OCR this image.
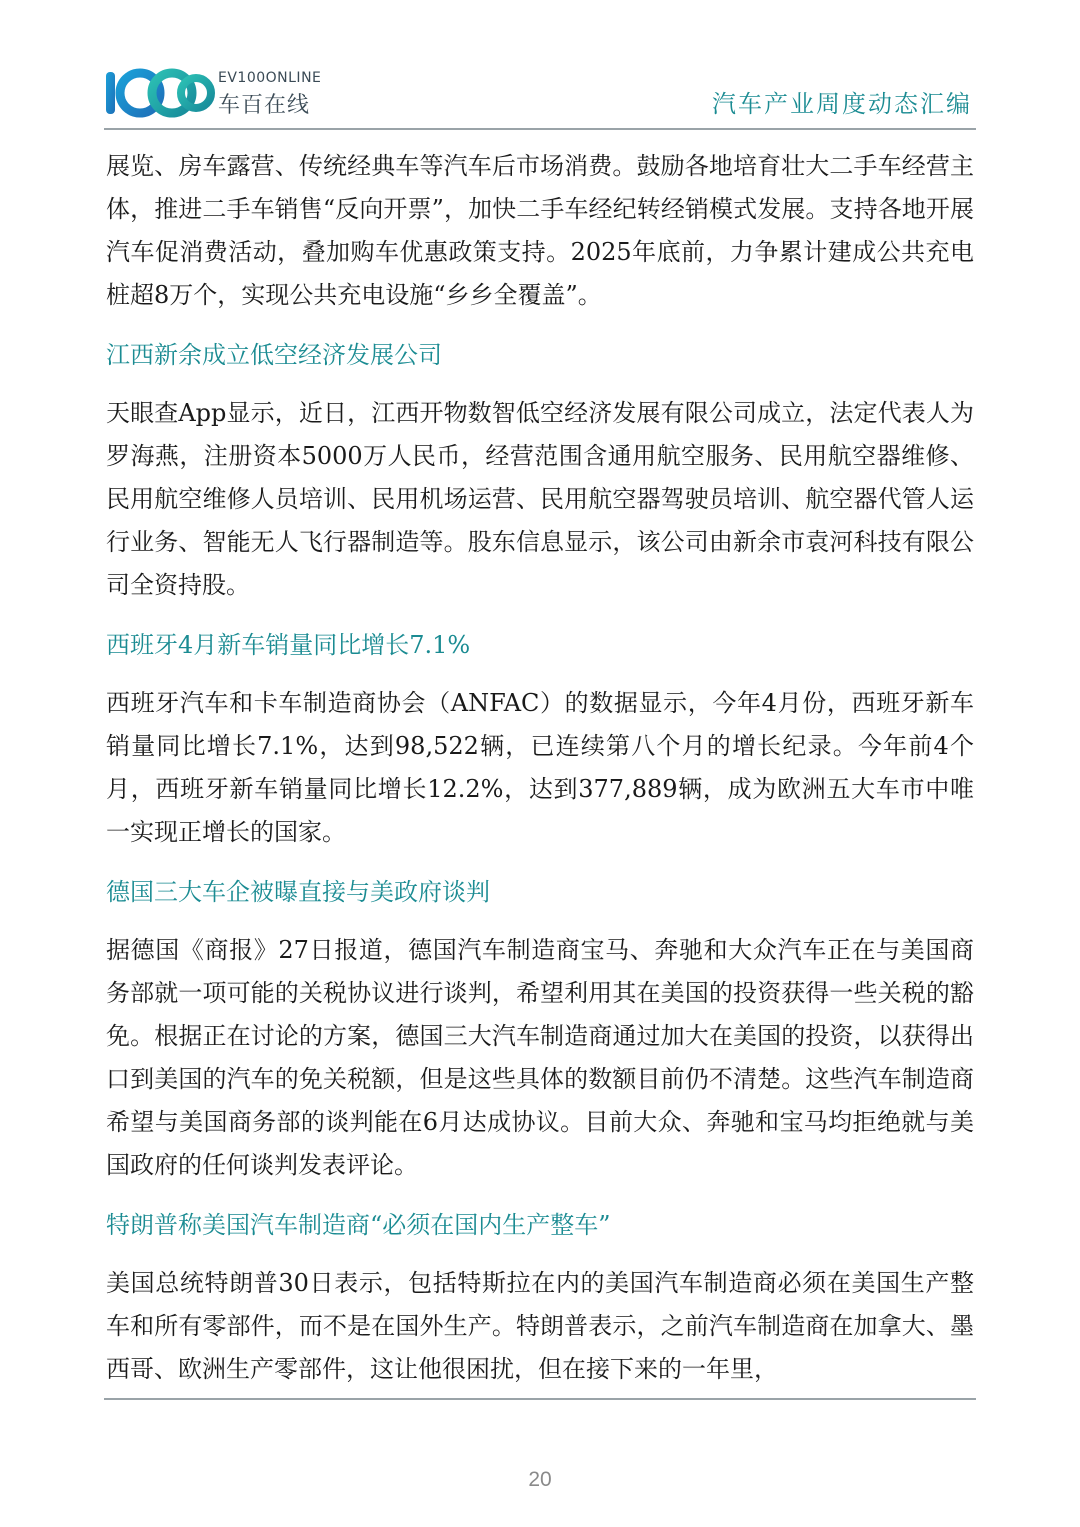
EV100ONLINE
车百在线	汽车产业周度动态汇编

展览、房车露营、传统经典车等汽车后市场消费。鼓励各地培育壮大二手车经营主体，推进二手车销售“反向开票”，加快二手车经纪转经销模式发展。支持各地开展汽车促消费活动，叠加购车优惠政策支持。2025年底前，力争累计建成公共充电桩超8万个，实现公共充电设施“乡乡全覆盖”。

江西新余成立低空经济发展公司

天眼查App显示，近日，江西开物数智低空经济发展有限公司成立，法定代表人为罗海燕，注册资本5000万人民币，经营范围含通用航空服务、民用航空器维修、民用航空维修人员培训、民用机场运营、民用航空器驾驶员培训、航空器代管人运行业务、智能无人飞行器制造等。股东信息显示，该公司由新余市袁河科技有限公司全资持股。

西班牙4月新车销量同比增长7.1%

西班牙汽车和卡车制造商协会（ANFAC）的数据显示，今年4月份，西班牙新车销量同比增长7.1%，达到98,522辆，已连续第八个月的增长纪录。今年前4个月，西班牙新车销量同比增长12.2%，达到377,889辆，成为欧洲五大车市中唯一实现正增长的国家。

德国三大车企被曝直接与美政府谈判

据德国《商报》27日报道，德国汽车制造商宝马、奔驰和大众汽车正在与美国商务部就一项可能的关税协议进行谈判，希望利用其在美国的投资获得一些关税的豁免。根据正在讨论的方案，德国三大汽车制造商通过加大在美国的投资，以获得出口到美国的汽车的免关税额，但是这些具体的数额目前仍不清楚。这些汽车制造商希望与美国商务部的谈判能在6月达成协议。目前大众、奔驰和宝马均拒绝就与美国政府的任何谈判发表评论。

特朗普称美国汽车制造商“必须在国内生产整车”

美国总统特朗普30日表示，包括特斯拉在内的美国汽车制造商必须在美国生产整车和所有零部件，而不是在国外生产。特朗普表示，之前汽车制造商在加拿大、墨西哥、欧洲生产零部件，这让他很困扰，但在接下来的一年里，

20
